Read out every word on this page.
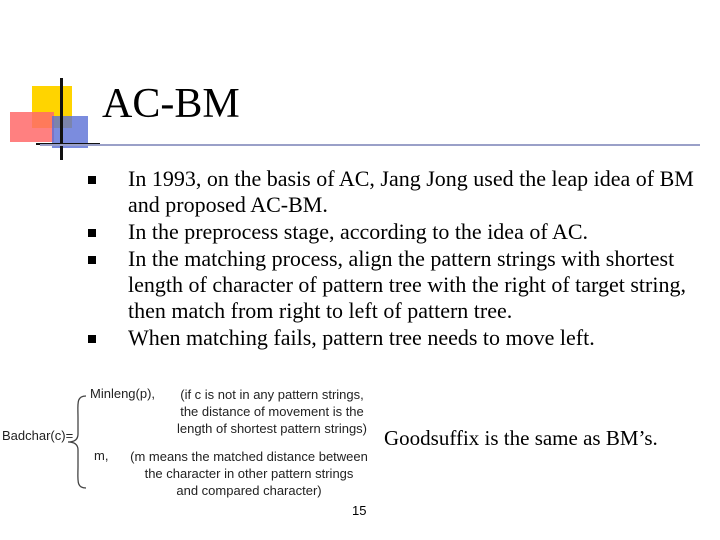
AC-BM
In 1993, on the basis of AC, Jang Jong used the leap idea of BM and proposed AC-BM.
In the preprocess stage, according to the idea of AC.
In the matching process, align the pattern strings with shortest length of character of pattern tree with the right of target string, then match from right to left of pattern tree.
When matching fails, pattern tree needs to move left.
Badchar(c)=
Minleng(p),	(if c is not in any pattern strings,
the distance of movement is the
length of shortest pattern strings)
m,	(m means the matched distance between
the character in other pattern strings
and compared character)
Goodsuffix is the same as BM’s.
15
